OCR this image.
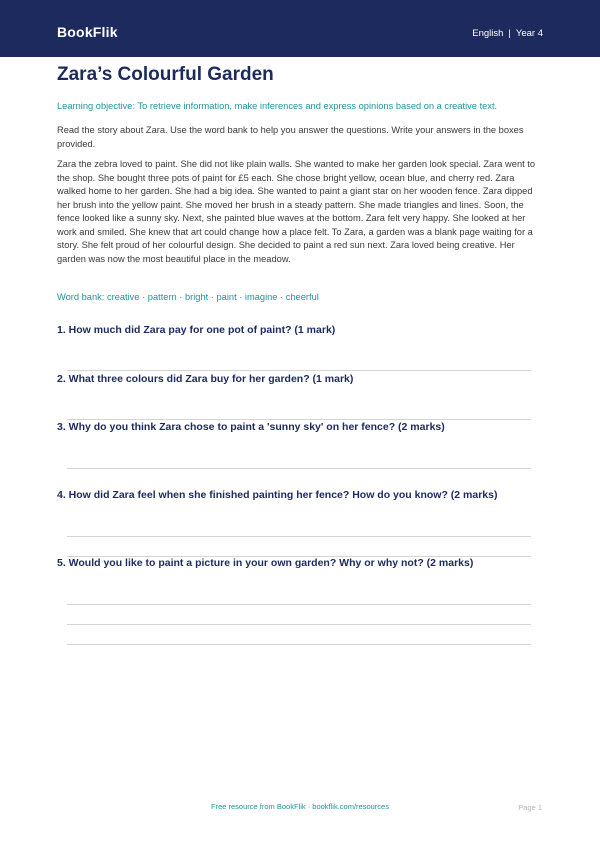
BookFlik	English | Year 4
Zara’s Colourful Garden
Learning objective: To retrieve information, make inferences and express opinions based on a creative text.
Read the story about Zara. Use the word bank to help you answer the questions. Write your answers in the boxes provided.
Zara the zebra loved to paint. She did not like plain walls. She wanted to make her garden look special. Zara went to the shop. She bought three pots of paint for £5 each. She chose bright yellow, ocean blue, and cherry red. Zara walked home to her garden. She had a big idea. She wanted to paint a giant star on her wooden fence. Zara dipped her brush into the yellow paint. She moved her brush in a steady pattern. She made triangles and lines. Soon, the fence looked like a sunny sky. Next, she painted blue waves at the bottom. Zara felt very happy. She looked at her work and smiled. She knew that art could change how a place felt. To Zara, a garden was a blank page waiting for a story. She felt proud of her colourful design. She decided to paint a red sun next. Zara loved being creative. Her garden was now the most beautiful place in the meadow.
Word bank: creative · pattern · bright · paint · imagine · cheerful
1. How much did Zara pay for one pot of paint? (1 mark)
2. What three colours did Zara buy for her garden? (1 mark)
3. Why do you think Zara chose to paint a 'sunny sky' on her fence? (2 marks)
4. How did Zara feel when she finished painting her fence? How do you know? (2 marks)
5. Would you like to paint a picture in your own garden? Why or why not? (2 marks)
Free resource from BookFlik · bookflik.com/resources	Page 1
